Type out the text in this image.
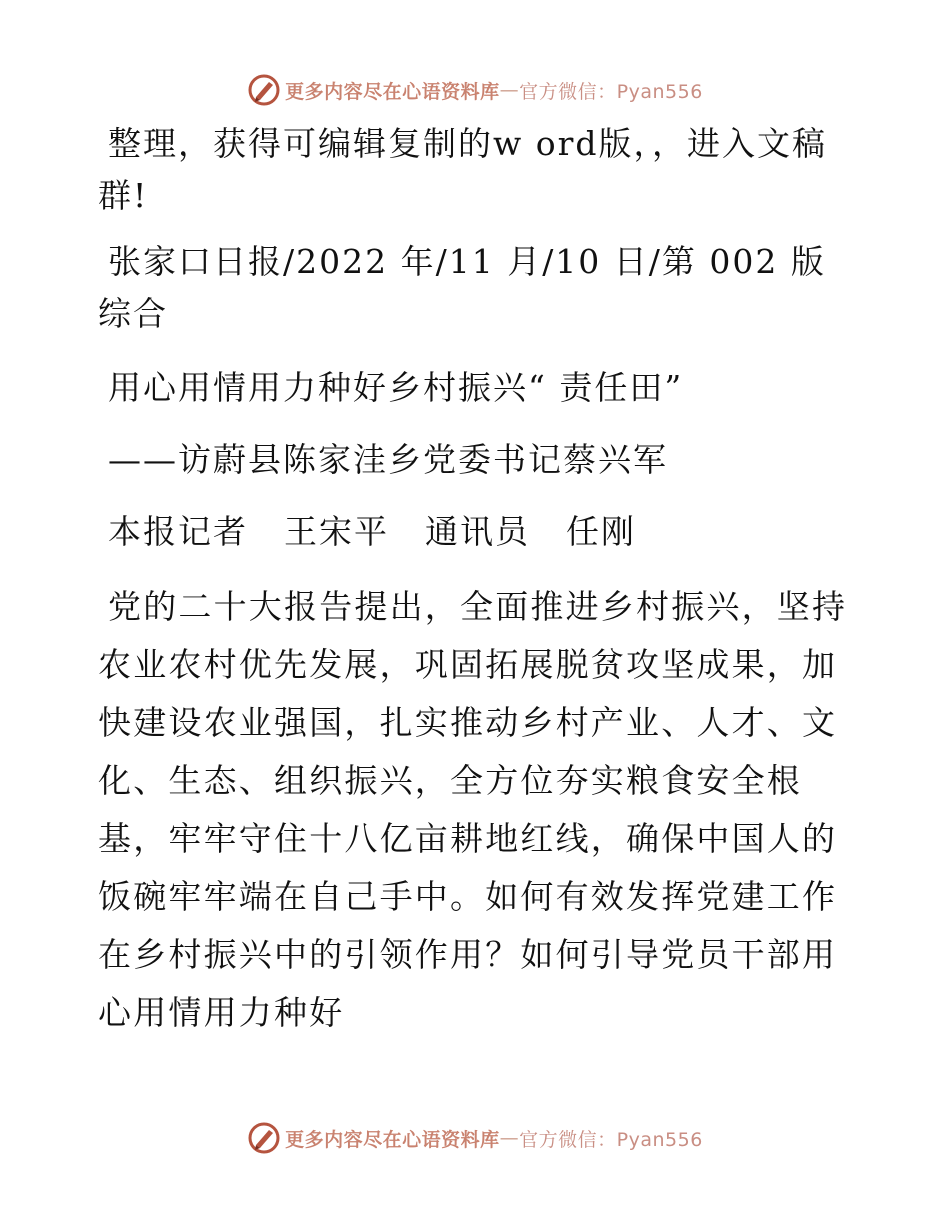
更多内容尽在心语资料库 — 官方微信：Pyan556

整理，获得可编辑复制的w ord版，，进入文稿群!

张家口日报/2022 年/11 月/10 日/第 002 版综合

用心用情用力种好乡村振兴“ 责任田”

——访蔚县陈家洼乡党委书记蔡兴军

本报记者 王宋平 通讯员 任刚

党的二十大报告提出，全面推进乡村振兴，坚持农业农村优先发展，巩固拓展脱贫攻坚成果，加快建设农业强国，扎实推动乡村产业、人才、文化、生态、组织振兴，全方位夯实粮食安全根基，牢牢守住十八亿亩耕地红线，确保中国人的饭碗牢牢端在自己手中。如何有效发挥党建工作在乡村振兴中的引领作用？如何引导党员干部用心用情用力种好

更多内容尽在心语资料库 — 官方微信：Pyan556
